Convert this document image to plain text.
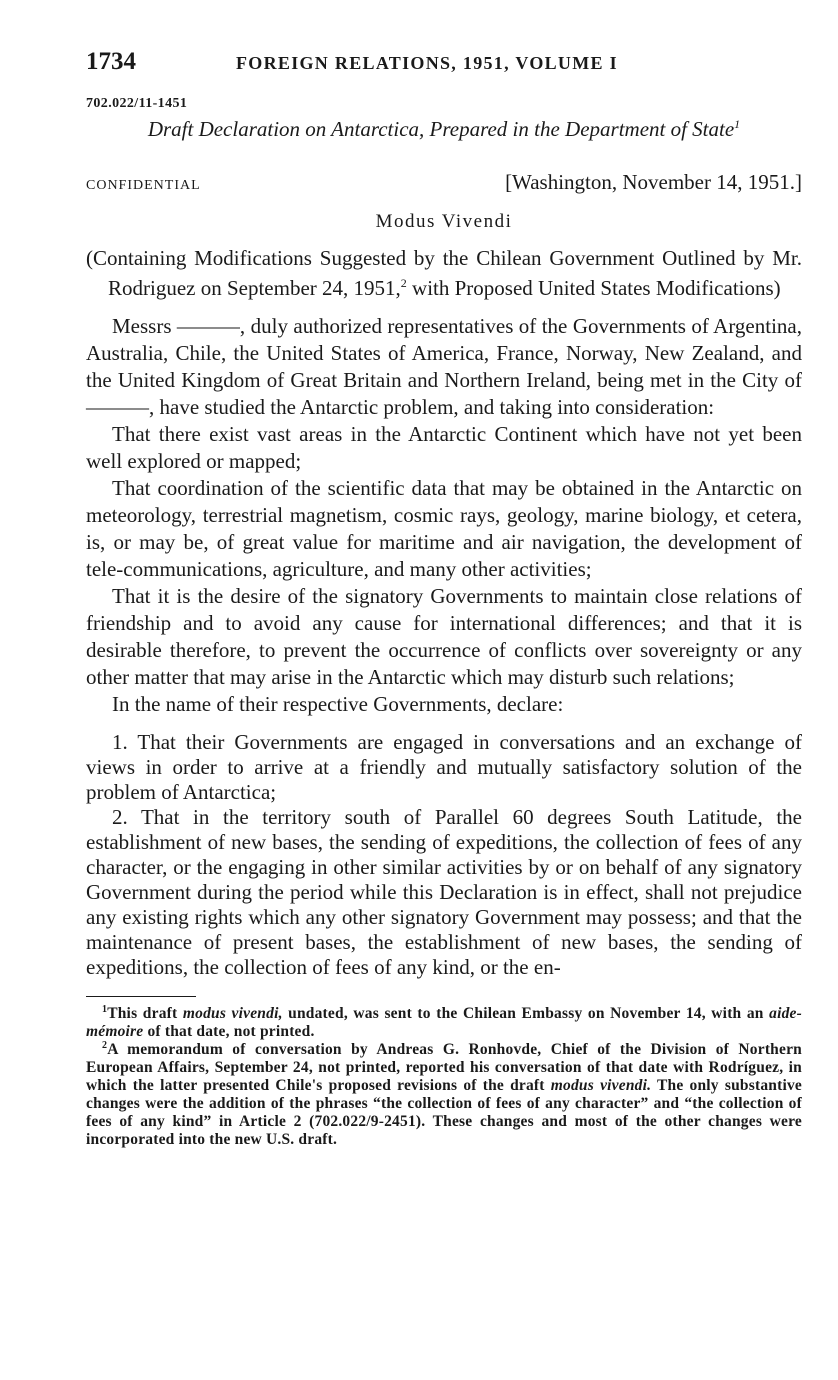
1734	FOREIGN RELATIONS, 1951, VOLUME I
702.022/11-1451
Draft Declaration on Antarctica, Prepared in the Department of State$^1$
CONFIDENTIAL	[Washington, November 14, 1951.]
Modus Vivendi
(Containing Modifications Suggested by the Chilean Government Outlined by Mr. Rodriguez on September 24, 1951,$^2$ with Proposed United States Modifications)

Messrs ———, duly authorized representatives of the Governments of Argentina, Australia, Chile, the United States of America, France, Norway, New Zealand, and the United Kingdom of Great Britain and Northern Ireland, being met in the City of ———, have studied the Antarctic problem, and taking into consideration:

That there exist vast areas in the Antarctic Continent which have not yet been well explored or mapped;

That coordination of the scientific data that may be obtained in the Antarctic on meteorology, terrestrial magnetism, cosmic rays, geology, marine biology, et cetera, is, or may be, of great value for maritime and air navigation, the development of tele-communications, agriculture, and many other activities;

That it is the desire of the signatory Governments to maintain close relations of friendship and to avoid any cause for international differences; and that it is desirable therefore, to prevent the occurrence of conflicts over sovereignty or any other matter that may arise in the Antarctic which may disturb such relations;

In the name of their respective Governments, declare:

1. That their Governments are engaged in conversations and an exchange of views in order to arrive at a friendly and mutually satisfactory solution of the problem of Antarctica;

2. That in the territory south of Parallel 60 degrees South Latitude, the establishment of new bases, the sending of expeditions, the collection of fees of any character, or the engaging in other similar activities by or on behalf of any signatory Government during the period while this Declaration is in effect, shall not prejudice any existing rights which any other signatory Government may possess; and that the maintenance of present bases, the establishment of new bases, the sending of expeditions, the collection of fees of any kind, or the en-

$^1$This draft modus vivendi, undated, was sent to the Chilean Embassy on November 14, with an aide-mémoire of that date, not printed.

$^2$A memorandum of conversation by Andreas G. Ronhovde, Chief of the Division of Northern European Affairs, September 24, not printed, reported his conversation of that date with Rodríguez, in which the latter presented Chile's proposed revisions of the draft modus vivendi. The only substantive changes were the addition of the phrases “the collection of fees of any character” and “the collection of fees of any kind” in Article 2 (702.022/9-2451). These changes and most of the other changes were incorporated into the new U.S. draft.
